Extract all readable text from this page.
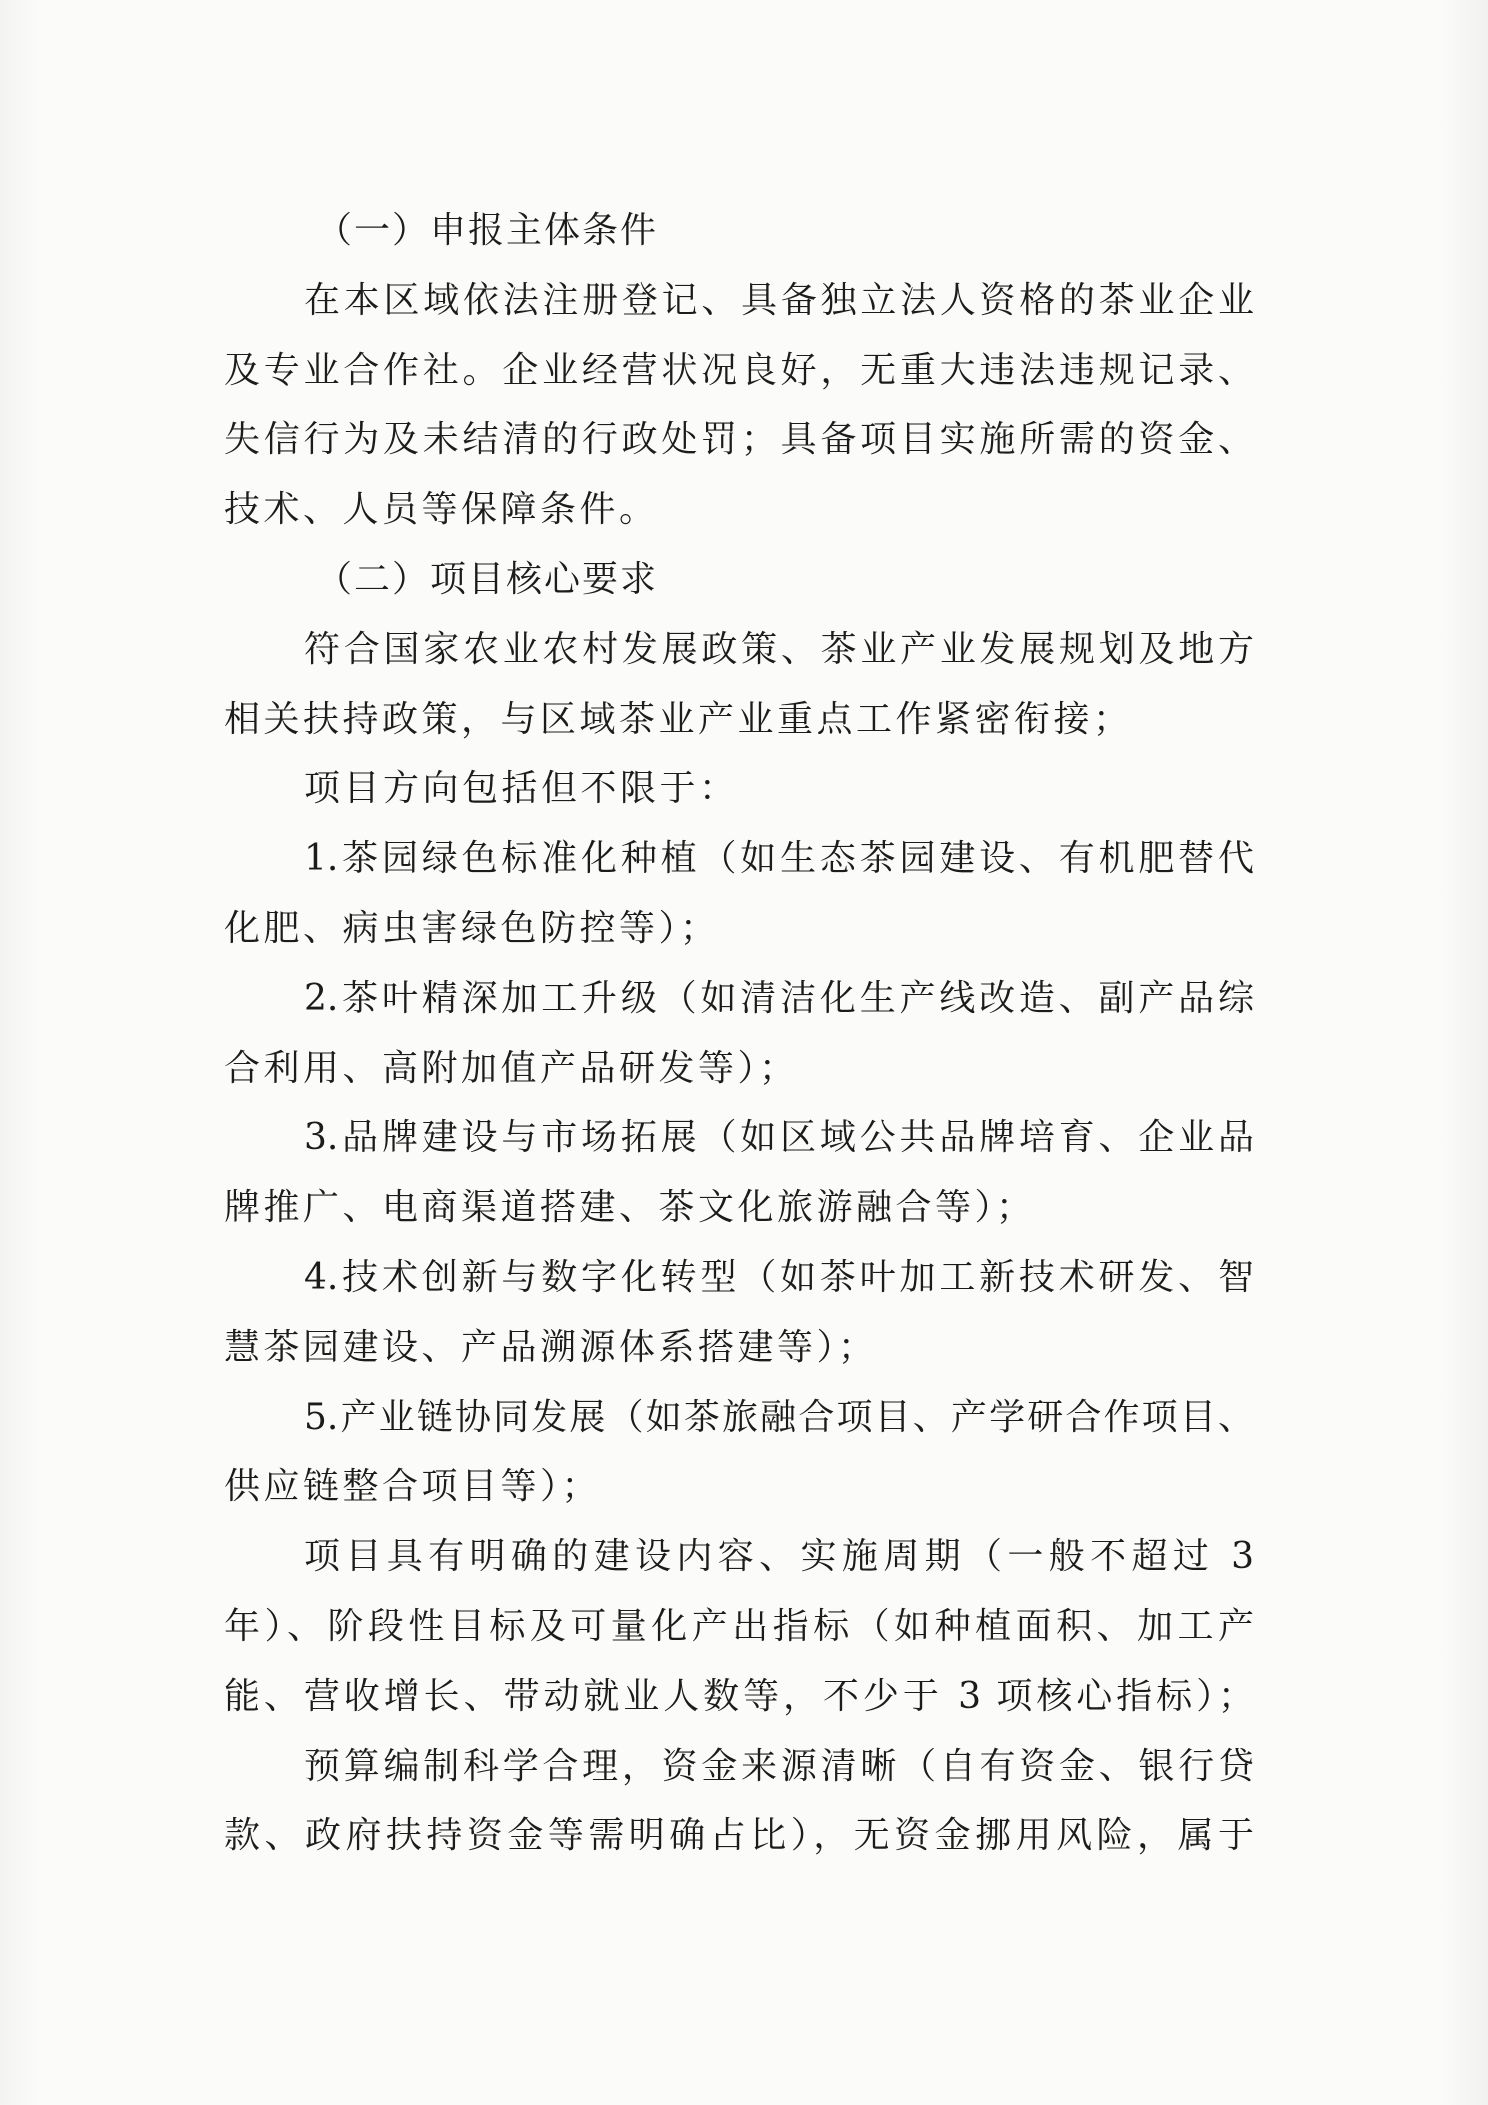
（一）申报主体条件
在本区域依法注册登记、具备独立法人资格的茶业企业
及专业合作社。企业经营状况良好，无重大违法违规记录、
失信行为及未结清的行政处罚；具备项目实施所需的资金、
技术、人员等保障条件。
（二）项目核心要求
符合国家农业农村发展政策、茶业产业发展规划及地方
相关扶持政策，与区域茶业产业重点工作紧密衔接；
项目方向包括但不限于：
1.茶园绿色标准化种植（如生态茶园建设、有机肥替代
化肥、病虫害绿色防控等）；
2.茶叶精深加工升级（如清洁化生产线改造、副产品综
合利用、高附加值产品研发等）；
3.品牌建设与市场拓展（如区域公共品牌培育、企业品
牌推广、电商渠道搭建、茶文化旅游融合等）；
4.技术创新与数字化转型（如茶叶加工新技术研发、智
慧茶园建设、产品溯源体系搭建等）；
5.产业链协同发展（如茶旅融合项目、产学研合作项目、
供应链整合项目等）；
项目具有明确的建设内容、实施周期（一般不超过 3
年）、阶段性目标及可量化产出指标（如种植面积、加工产
能、营收增长、带动就业人数等，不少于 3 项核心指标）；
预算编制科学合理，资金来源清晰（自有资金、银行贷
款、政府扶持资金等需明确占比），无资金挪用风险，属于
